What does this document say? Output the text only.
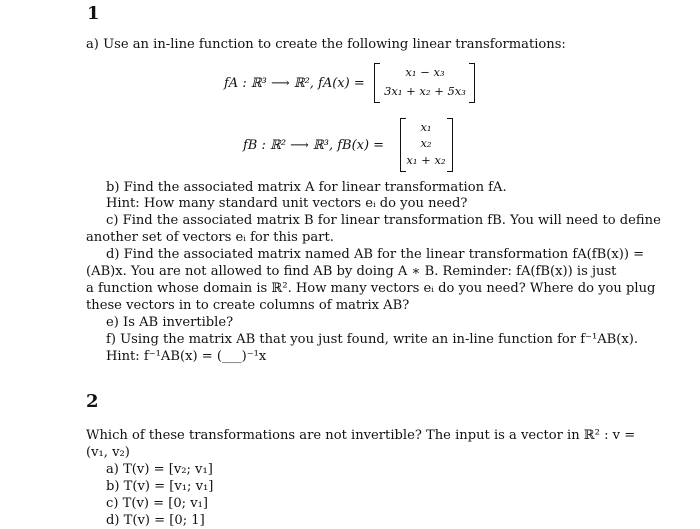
1
a) Use an in-line function to create the following linear transformations:
fA : ℝ³ ⟶ ℝ², fA(x) =
x₁ − x₃
3x₁ + x₂ + 5x₃
fB : ℝ² ⟶ ℝ³, fB(x) =
x₁
x₂
x₁ + x₂
b) Find the associated matrix A for linear transformation fA.
Hint: How many standard unit vectors eᵢ do you need?
c) Find the associated matrix B for linear transformation fB. You will need to define
another set of vectors eᵢ for this part.
d) Find the associated matrix named AB for the linear transformation fA(fB(x)) =
(AB)x. You are not allowed to find AB by doing A ∗ B. Reminder: fA(fB(x)) is just
a function whose domain is ℝ². How many vectors eᵢ do you need? Where do you plug
these vectors in to create columns of matrix AB?
e) Is AB invertible?
f) Using the matrix AB that you just found, write an in-line function for f⁻¹AB(x).
Hint: f⁻¹AB(x) = (___)⁻¹x
2
Which of these transformations are not invertible? The input is a vector in ℝ² : v =
(v₁, v₂)
a) T(v) = [v₂; v₁]
b) T(v) = [v₁; v₁]
c) T(v) = [0; v₁]
d) T(v) = [0; 1]
